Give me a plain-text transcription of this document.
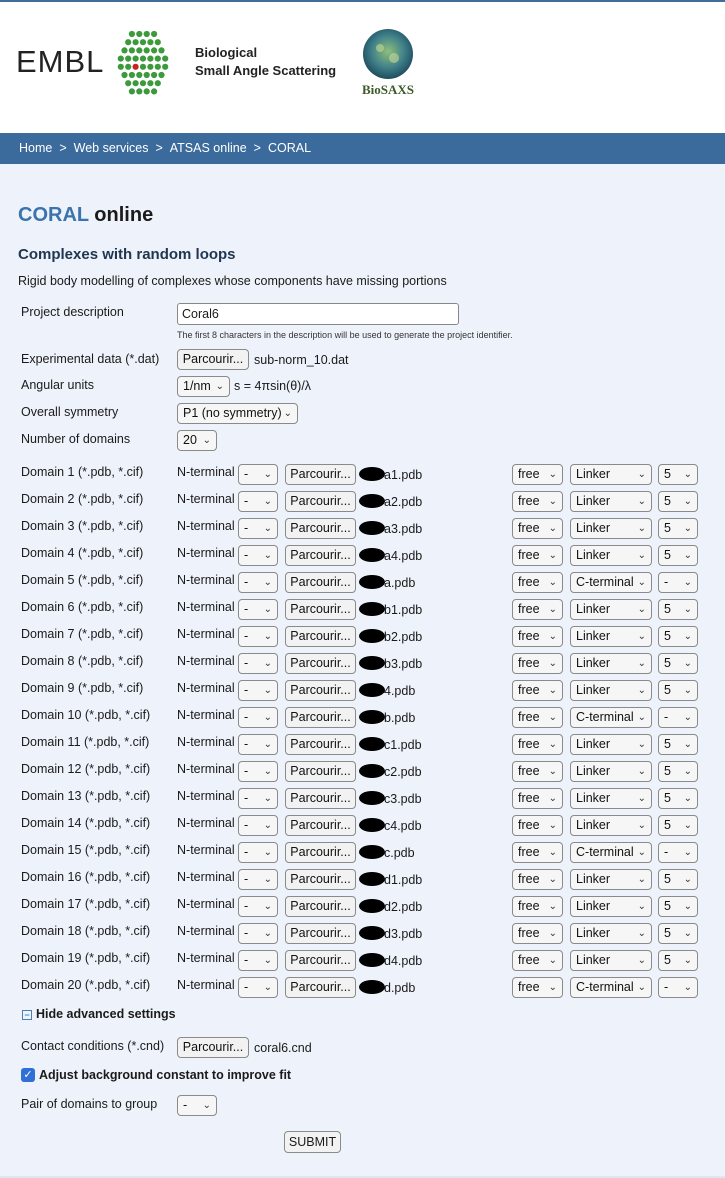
EMBL	Biological
Small Angle Scattering
BioSAXS
Home > Web services > ATSAS online > CORAL
CORAL online
Complexes with random loops
Rigid body modelling of complexes whose components have missing portions
Project description	Coral6
The first 8 characters in the description will be used to generate the project identifier.
Experimental data (*.dat)	Parcourir... sub-norm_10.dat
Angular units	1/nm ⌄ s = 4πsin(θ)/λ
Overall symmetry	P1 (no symmetry) ⌄
Number of domains	20 ⌄
Domain 1 (*.pdb, *.cif)	N-terminal - ⌄	Parcourir...	a1.pdb	free ⌄	Linker	⌄	5 ⌄
Domain 2 (*.pdb, *.cif)	N-terminal - ⌄	Parcourir...	a2.pdb	free ⌄	Linker	⌄	5 ⌄
Domain 3 (*.pdb, *.cif)	N-terminal - ⌄	Parcourir...	a3.pdb	free ⌄	Linker	⌄	5 ⌄
Domain 4 (*.pdb, *.cif)	N-terminal - ⌄	Parcourir...	a4.pdb	free ⌄	Linker	⌄	5 ⌄
Domain 5 (*.pdb, *.cif)	N-terminal - ⌄	Parcourir...	a.pdb	free ⌄	C-terminal ⌄	- ⌄
Domain 6 (*.pdb, *.cif)	N-terminal - ⌄	Parcourir...	b1.pdb	free ⌄	Linker	⌄	5 ⌄
Domain 7 (*.pdb, *.cif)	N-terminal - ⌄	Parcourir...	b2.pdb	free ⌄	Linker	⌄	5 ⌄
Domain 8 (*.pdb, *.cif)	N-terminal - ⌄	Parcourir...	b3.pdb	free ⌄	Linker	⌄	5 ⌄
Domain 9 (*.pdb, *.cif)	N-terminal - ⌄	Parcourir...	4.pdb	free ⌄	Linker	⌄	5 ⌄
Domain 10 (*.pdb, *.cif) N-terminal - ⌄	Parcourir...	b.pdb	free ⌄	C-terminal ⌄	- ⌄
Domain 11 (*.pdb, *.cif) N-terminal - ⌄	Parcourir...	c1.pdb	free ⌄	Linker	⌄	5 ⌄
Domain 12 (*.pdb, *.cif) N-terminal - ⌄	Parcourir...	c2.pdb	free ⌄	Linker	⌄	5 ⌄
Domain 13 (*.pdb, *.cif) N-terminal - ⌄	Parcourir...	c3.pdb	free ⌄	Linker	⌄	5 ⌄
Domain 14 (*.pdb, *.cif) N-terminal - ⌄	Parcourir...	c4.pdb	free ⌄	Linker	⌄	5 ⌄
Domain 15 (*.pdb, *.cif) N-terminal - ⌄	Parcourir...	c.pdb	free ⌄	C-terminal ⌄	- ⌄
Domain 16 (*.pdb, *.cif) N-terminal - ⌄	Parcourir...	d1.pdb	free ⌄	Linker	⌄	5 ⌄
Domain 17 (*.pdb, *.cif) N-terminal - ⌄	Parcourir...	d2.pdb	free ⌄	Linker	⌄	5 ⌄
Domain 18 (*.pdb, *.cif) N-terminal - ⌄	Parcourir...	d3.pdb	free ⌄	Linker	⌄	5 ⌄
Domain 19 (*.pdb, *.cif) N-terminal - ⌄	Parcourir...	d4.pdb	free ⌄	Linker	⌄	5 ⌄
Domain 20 (*.pdb, *.cif) N-terminal - ⌄	Parcourir...	d.pdb	free ⌄	C-terminal ⌄	- ⌄
− Hide advanced settings
Contact conditions (*.cnd)	Parcourir... coral6.cnd
✓ Adjust background constant to improve fit
Pair of domains to group	- ⌄
SUBMIT
